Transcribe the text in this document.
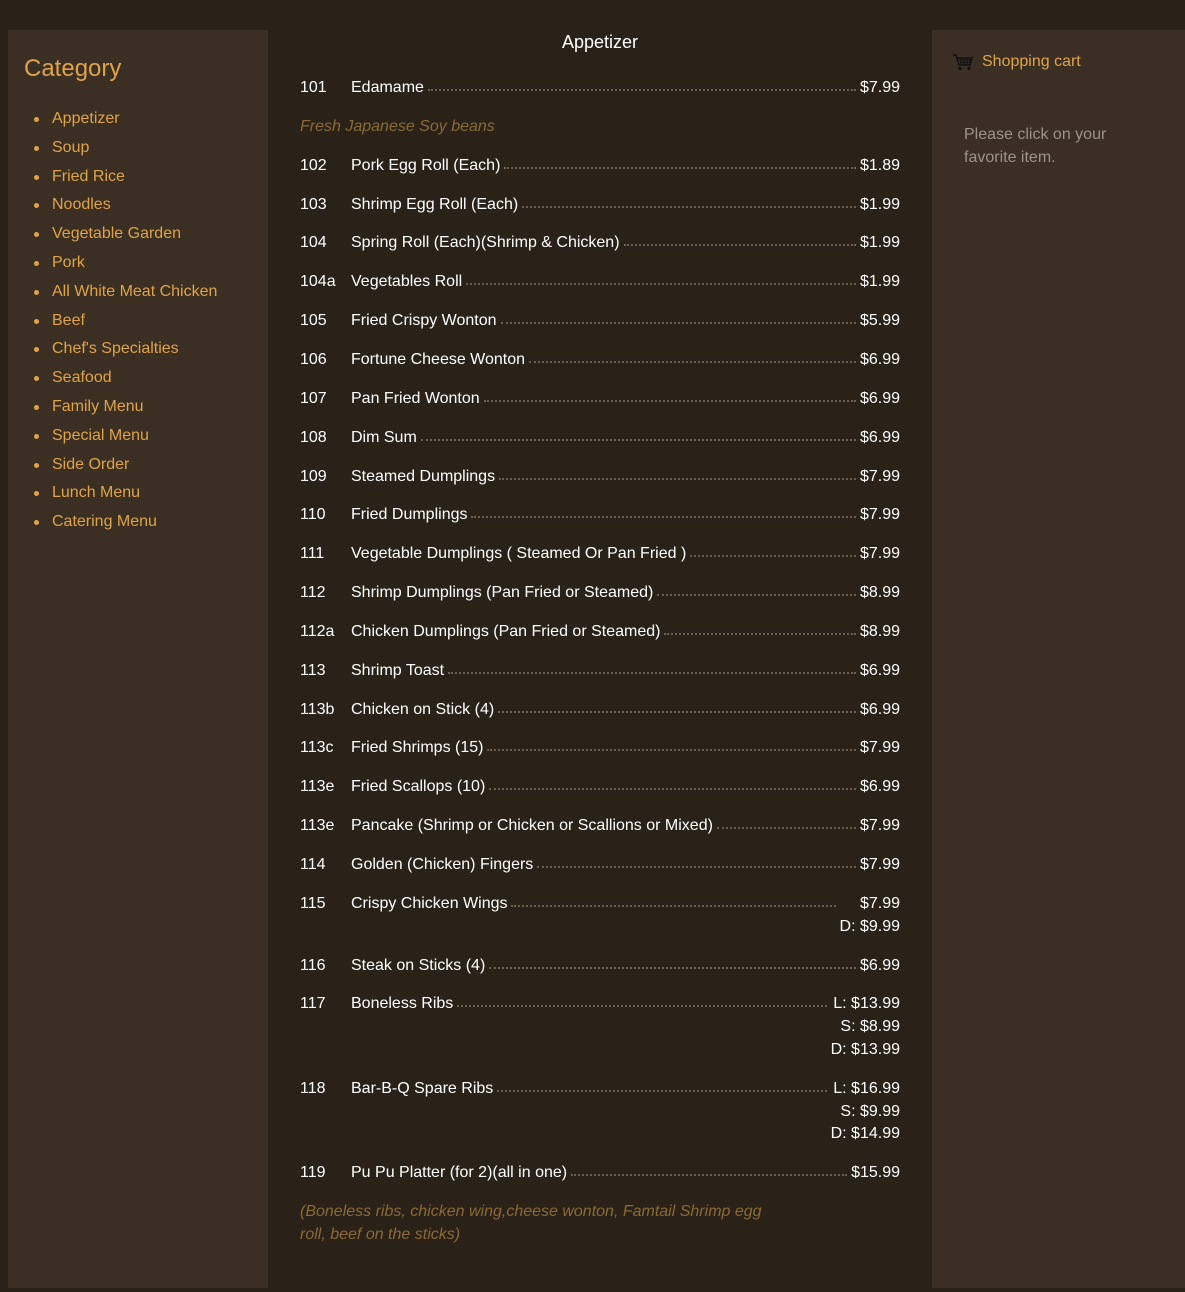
Category
Appetizer
Soup
Fried Rice
Noodles
Vegetable Garden
Pork
All White Meat Chicken
Beef
Chef's Specialties
Seafood
Family Menu
Special Menu
Side Order
Lunch Menu
Catering Menu
Appetizer
101	Edamame	$7.99
Fresh Japanese Soy beans
102	Pork Egg Roll (Each)	$1.89
103	Shrimp Egg Roll (Each)	$1.99
104	Spring Roll (Each)(Shrimp & Chicken)	$1.99
104a Vegetables Roll	$1.99
105	Fried Crispy Wonton	$5.99
106	Fortune Cheese Wonton	$6.99
107	Pan Fried Wonton	$6.99
108	Dim Sum	$6.99
109	Steamed Dumplings	$7.99
110	Fried Dumplings	$7.99
111	Vegetable Dumplings ( Steamed Or Pan Fried )	$7.99
112	Shrimp Dumplings (Pan Fried or Steamed)	$8.99
112a	Chicken Dumplings (Pan Fried or Steamed)	$8.99
113	Shrimp Toast	$6.99
113b	Chicken on Stick (4)	$6.99
113c	Fried Shrimps (15)	$7.99
113e	Fried Scallops (10)	$6.99
113e	Pancake (Shrimp or Chicken or Scallions or Mixed)	$7.99
114	Golden (Chicken) Fingers	$7.99
115	Crispy Chicken Wings	$7.99
D: $9.99
116	Steak on Sticks (4)	$6.99
117	Boneless Ribs	L: $13.99
S: $8.99
D: $13.99
118	Bar-B-Q Spare Ribs	L: $16.99
S: $9.99
D: $14.99
119	Pu Pu Platter (for 2)(all in one)	$15.99
(Boneless ribs, chicken wing,cheese wonton, Famtail Shrimp egg roll, beef on the sticks)
Shopping cart
Please click on your favorite item.
